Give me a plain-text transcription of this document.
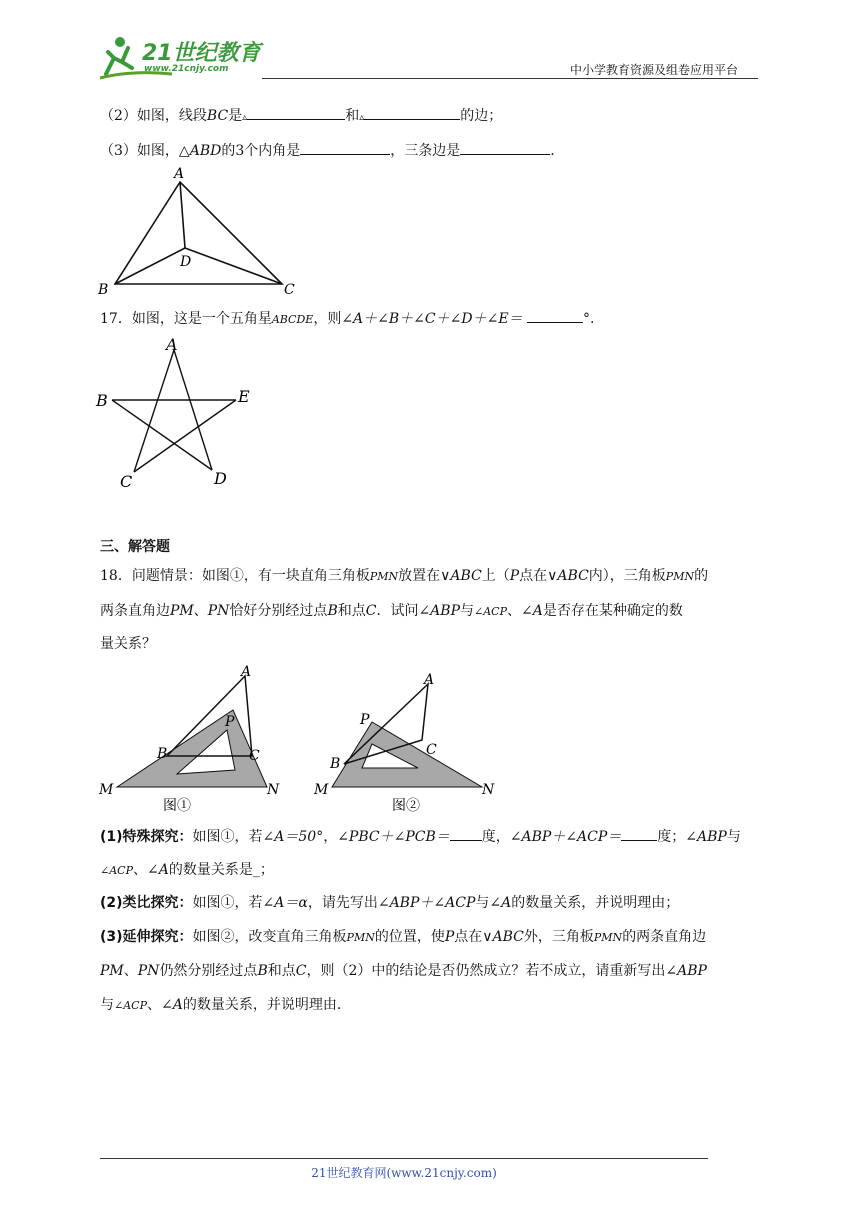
21世纪教育
www.21cnjy.com	中小学教育资源及组卷应用平台
（2）如图，线段BC是▵	和▵	的边；
（3）如图，△ABD的3个内角是	，三条边是	.
A
B	C
D
17．如图，这是一个五角星ABCDE，则∠A＋∠B＋∠C＋∠D＋∠E＝	°.
A
B
C	D
E
三、解答题
18．问题情景：如图①，有一块直角三角板PMN放置在∨ABC上（P点在∨ABC内），三角板PMN的
两条直角边PM、PN恰好分别经过点B和点C．试问∠ABP与∠ACP、∠A是否存在某种确定的数
量关系？
A
B	C
P
M	N
图①
A
B
C
P
M	N
图②
(1)特殊探究：如图①，若∠A＝50°，∠PBC＋∠PCB＝ 度，∠ABP＋∠ACP＝	度；∠ABP与
∠ACP、∠A的数量关系是_；
(2)类比探究：如图①，若∠A＝α，请先写出∠ABP＋∠ACP与∠A的数量关系，并说明理由；
(3)延伸探究：如图②，改变直角三角板PMN的位置，使P点在∨ABC外，三角板PMN的两条直角边
PM、PN仍然分别经过点B和点C，则（2）中的结论是否仍然成立？若不成立，请重新写出∠ABP
与∠ACP、∠A的数量关系，并说明理由.
21世纪教育网(www.21cnjy.com)
